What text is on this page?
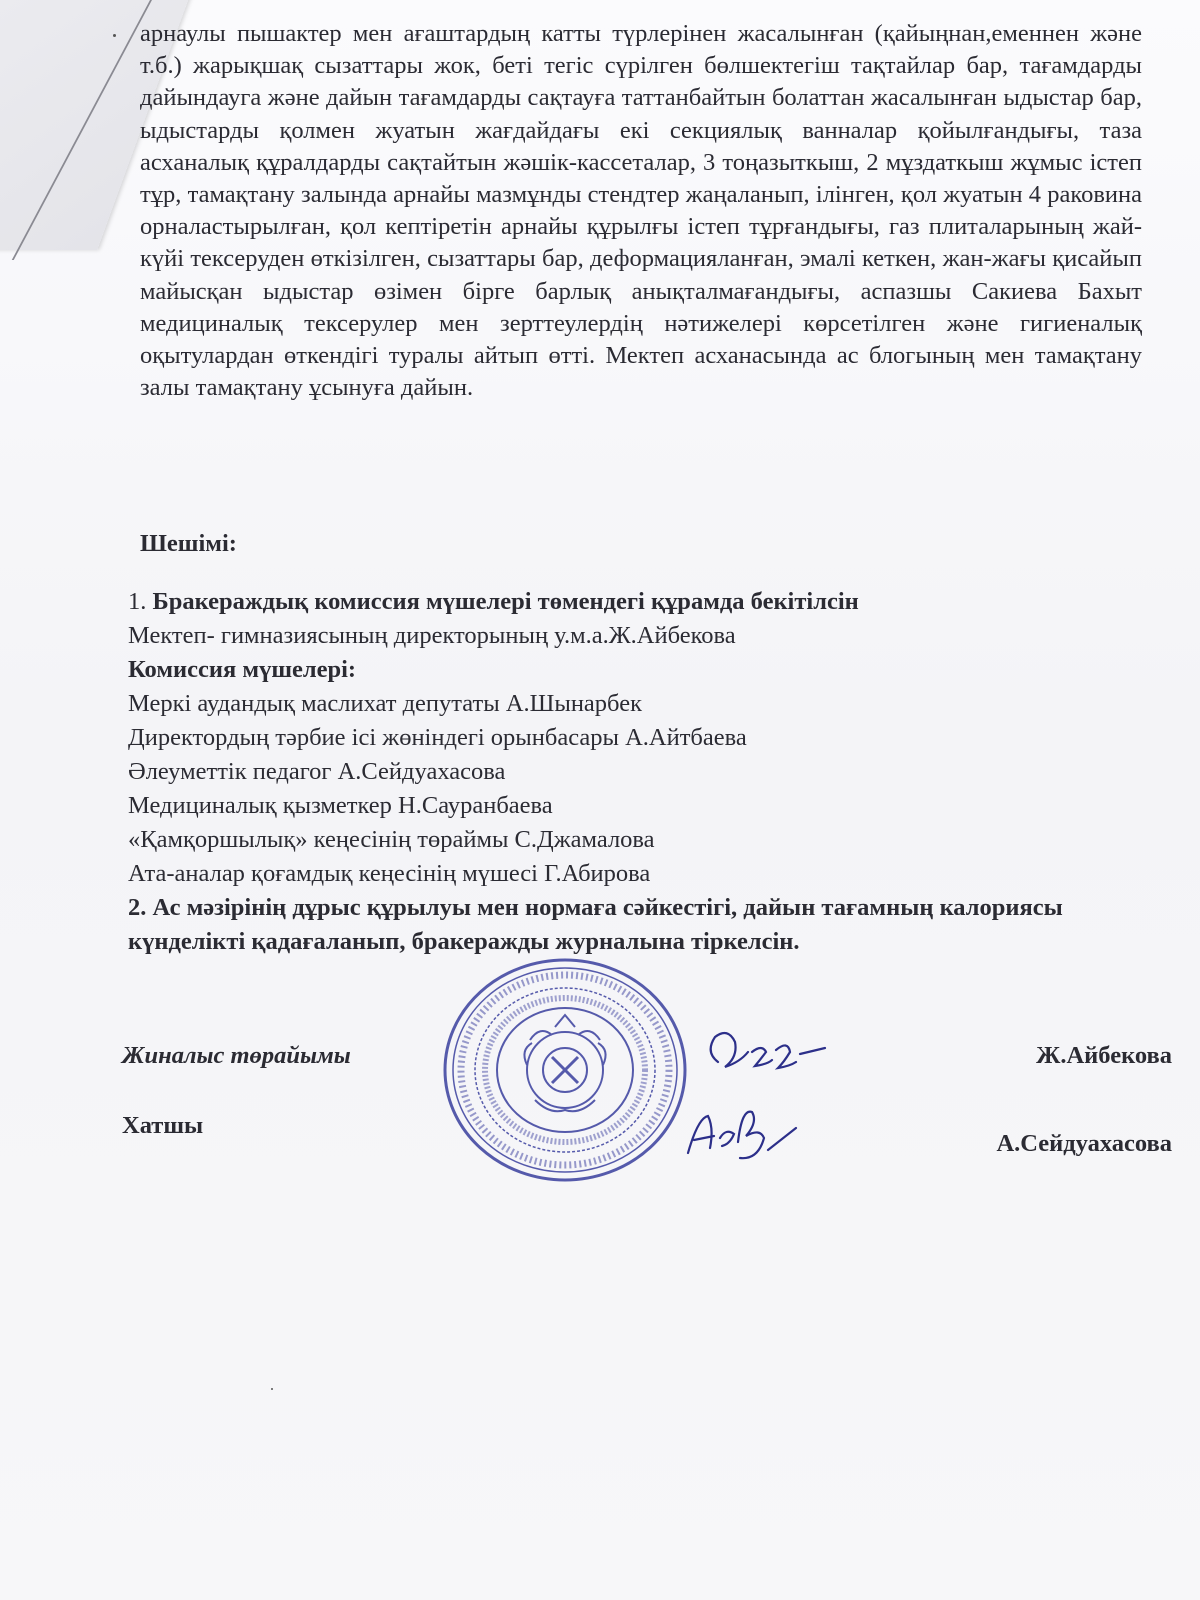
арнаулы пышактер мен ағаштардың катты түрлерінен жасалынған (қайыңнан,еменнен және т.б.) жарықшақ сызаттары жок, беті тегіс сүрілген бөлшектегіш тақтайлар бар, тағамдарды дайындауга және дайын тағамдарды сақтауға таттанбайтын болаттан жасалынған ыдыстар бар, ыдыстарды қолмен жуатын жағдайдағы екі секциялық ванналар қойылғандығы, таза асханалық құралдарды сақтайтын жәшік-кассеталар, 3 тоңазыткыш, 2 мұздаткыш жұмыс істеп тұр, тамақтану залында арнайы мазмұнды стендтер жаңаланып, ілінген, қол жуатын 4 раковина орналастырылған, қол кептіретін арнайы құрылғы істеп тұрғандығы, газ плиталарының жай-күйі тексеруден өткізілген, сызаттары бар, деформацияланған, эмалі кеткен, жан-жағы қисайып майысқан ыдыстар өзімен бірге барлық анықталмағандығы, аспазшы Сакиева Бахыт медициналық тексерулер мен зерттеулердің нәтижелері көрсетілген және гигиеналық оқытулардан өткендігі туралы айтып өтті. Мектеп асханасында ас блогының мен тамақтану залы тамақтану ұсынуға дайын.
Шешімі:
1. Бракераждық комиссия мүшелері төмендегі құрамда бекітілсін
Мектеп- гимназиясының директорының у.м.а.Ж.Айбекова
Комиссия мүшелері:
Меркі аудандық маслихат депутаты А.Шынарбек
Директордың тәрбие ісі жөніндегі орынбасары А.Айтбаева
Әлеуметтік педагог А.Сейдуахасова
Медициналық қызметкер Н.Сауранбаева
«Қамқоршылық» кеңесінің төраймы С.Джамалова
Ата-аналар қоғамдық кеңесінің мүшесі Г.Абирова
2. Ас мәзірінің дұрыс құрылуы мен нормаға сәйкестігі, дайын тағамның калориясы күнделікті қадағаланып, бракеражды журналына тіркелсін.
Жиналыс төрайымы	Ж.Айбекова
Хатшы
А.Сейдуахасова
